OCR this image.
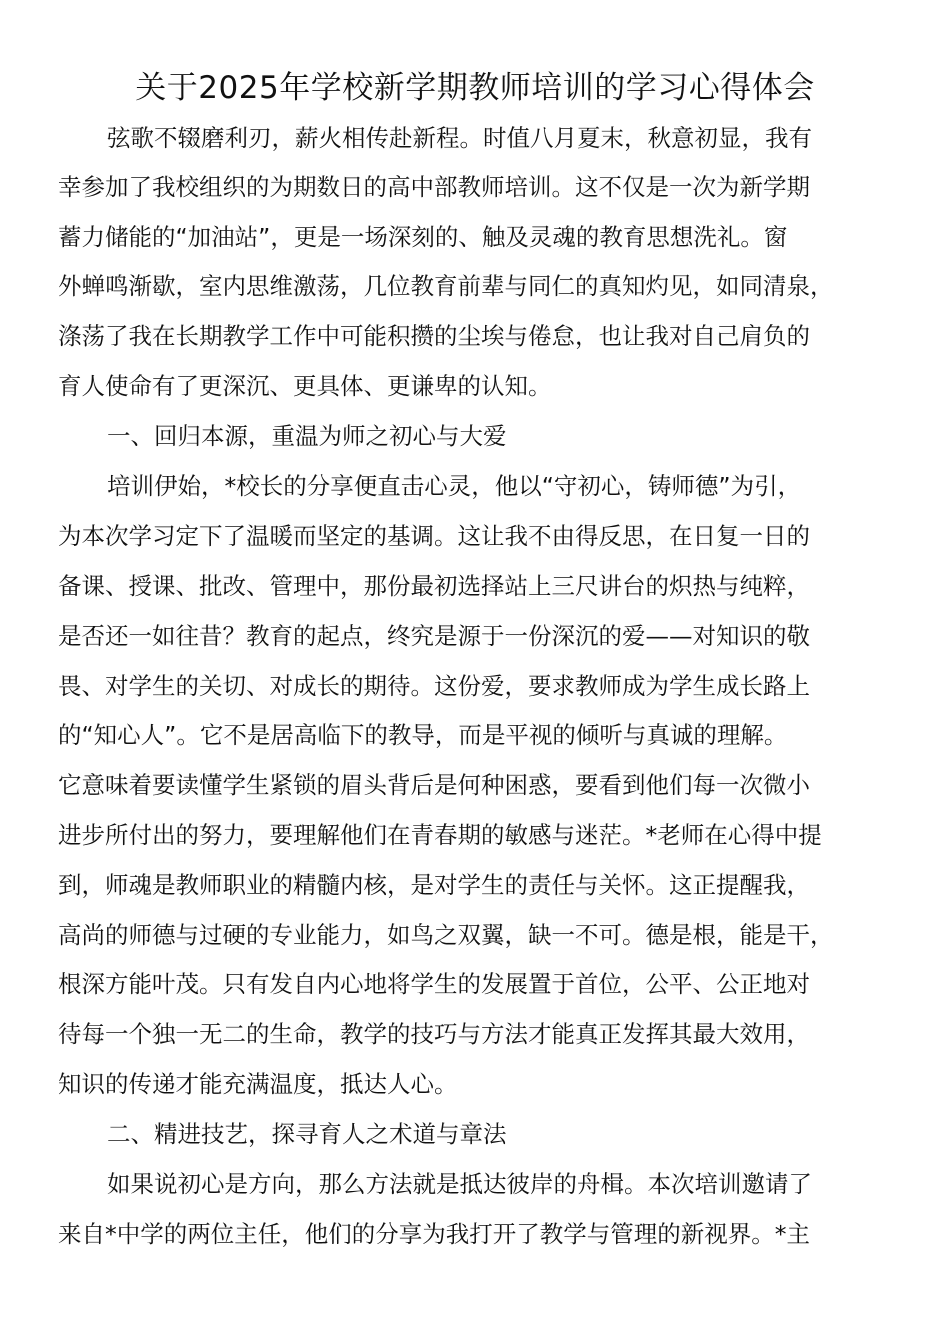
关于2025年学校新学期教师培训的学习心得体会
弦歌不辍磨利刃，薪火相传赴新程。时值八月夏末，秋意初显，我有
幸参加了我校组织的为期数日的高中部教师培训。这不仅是一次为新学期
蓄力储能的“加油站”，更是一场深刻的、触及灵魂的教育思想洗礼。窗
外蝉鸣渐歇，室内思维激荡，几位教育前辈与同仁的真知灼见，如同清泉，
涤荡了我在长期教学工作中可能积攒的尘埃与倦怠，也让我对自己肩负的
育人使命有了更深沉、更具体、更谦卑的认知。
一、回归本源，重温为师之初心与大爱
培训伊始，*校长的分享便直击心灵，他以“守初心，铸师德”为引，
为本次学习定下了温暖而坚定的基调。这让我不由得反思，在日复一日的
备课、授课、批改、管理中，那份最初选择站上三尺讲台的炽热与纯粹，
是否还一如往昔？教育的起点，终究是源于一份深沉的爱——对知识的敬
畏、对学生的关切、对成长的期待。这份爱，要求教师成为学生成长路上
的“知心人”。它不是居高临下的教导，而是平视的倾听与真诚的理解。
它意味着要读懂学生紧锁的眉头背后是何种困惑，要看到他们每一次微小
进步所付出的努力，要理解他们在青春期的敏感与迷茫。*老师在心得中提
到，师魂是教师职业的精髓内核，是对学生的责任与关怀。这正提醒我，
高尚的师德与过硬的专业能力，如鸟之双翼，缺一不可。德是根，能是干，
根深方能叶茂。只有发自内心地将学生的发展置于首位，公平、公正地对
待每一个独一无二的生命，教学的技巧与方法才能真正发挥其最大效用，
知识的传递才能充满温度，抵达人心。
二、精进技艺，探寻育人之术道与章法
如果说初心是方向，那么方法就是抵达彼岸的舟楫。本次培训邀请了
来自*中学的两位主任，他们的分享为我打开了教学与管理的新视界。*主
